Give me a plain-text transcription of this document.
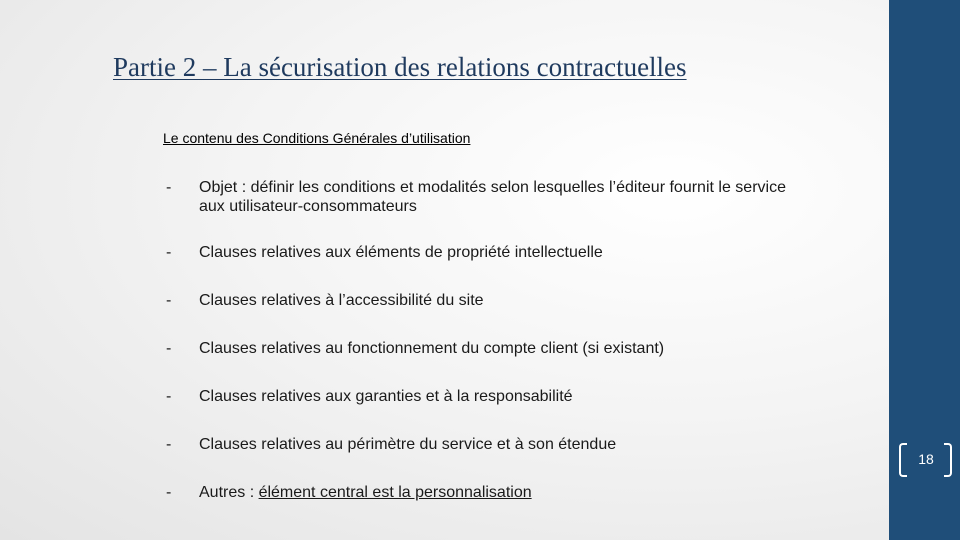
Partie 2 – La sécurisation des relations contractuelles
Le contenu des Conditions Générales d’utilisation
- Objet : définir les conditions et modalités selon lesquelles l’éditeur fournit le service aux utilisateur-consommateurs
- Clauses relatives aux éléments de propriété intellectuelle
- Clauses relatives à l’accessibilité du site
- Clauses relatives au fonctionnement du compte client (si existant)
- Clauses relatives aux garanties et à la responsabilité
- Clauses relatives au périmètre du service et à son étendue
- Autres : élément central est la personnalisation
18
